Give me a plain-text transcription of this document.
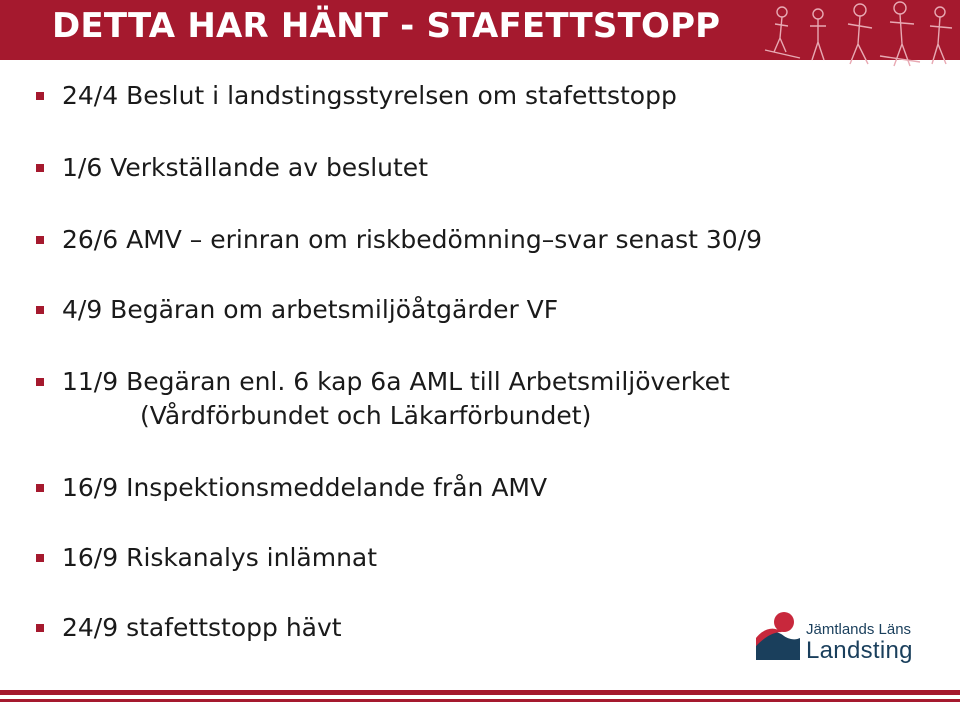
DETTA HAR HÄNT - STAFETTSTOPP
24/4 Beslut i landstingsstyrelsen om stafettstopp
1/6 Verkställande av beslutet
26/6 AMV – erinran om riskbedömning–svar senast 30/9
4/9 Begäran om arbetsmiljöåtgärder VF
11/9 Begäran enl. 6 kap 6a AML till Arbetsmiljöverket
(Vårdförbundet och Läkarförbundet)
16/9 Inspektionsmeddelande från AMV
16/9 Riskanalys inlämnat
24/9 stafettstopp hävt	Jämtlands Läns
Landsting
